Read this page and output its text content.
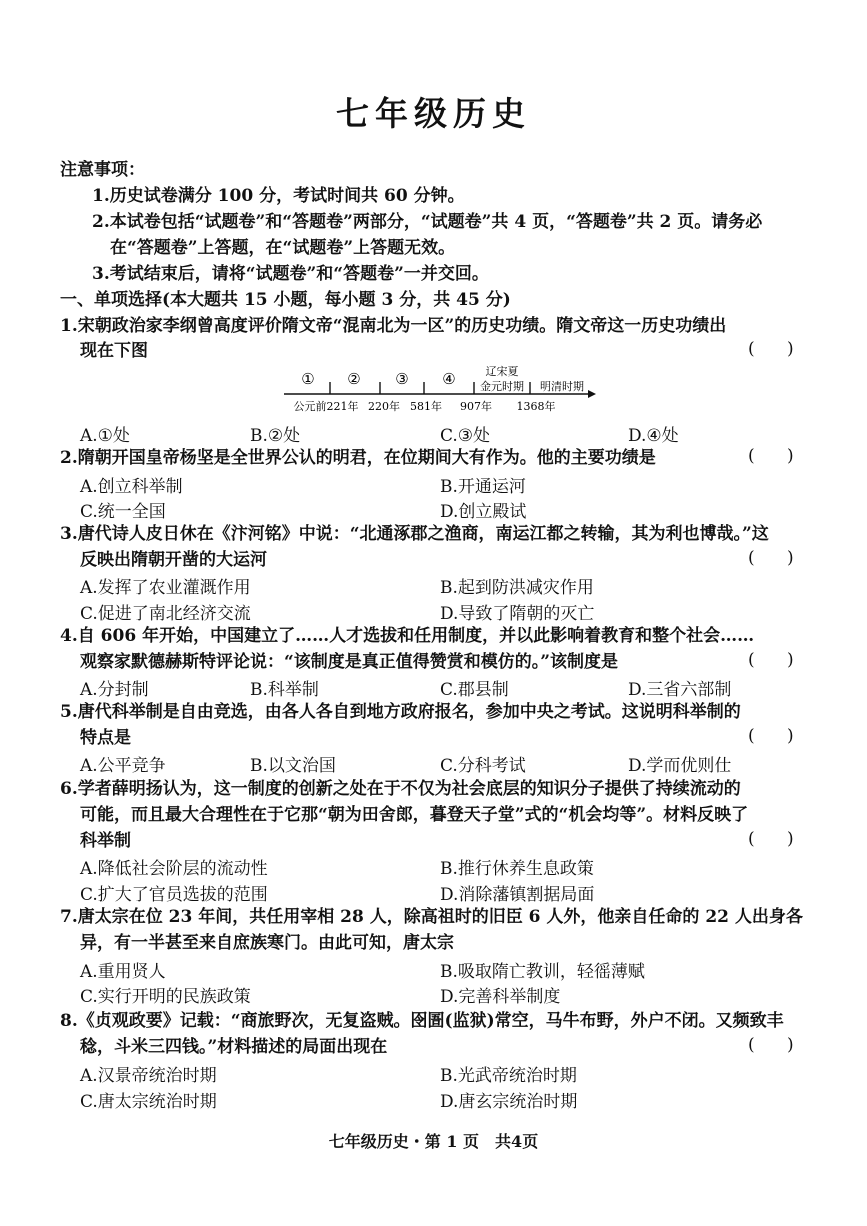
七年级历史
注意事项：
1.历史试卷满分 100 分，考试时间共 60 分钟。
2.本试卷包括“试题卷”和“答题卷”两部分，“试题卷”共 4 页，“答题卷”共 2 页。请务必
在“答题卷”上答题，在“试题卷”上答题无效。
3.考试结束后，请将“试题卷”和“答题卷”一并交回。
一、单项选择(本大题共 15 小题，每小题 3 分，共 45 分)
1.宋朝政治家李纲曾高度评价隋文帝“混南北为一区”的历史功绩。隋文帝这一历史功绩出
现在下图	(      )
① ② ③ ④	辽宋夏
金元时期 明清时期
公元前221年 220年 581年 907年 1368年
A.①处	B.②处	C.③处	D.④处
2.隋朝开国皇帝杨坚是全世界公认的明君，在位期间大有作为。他的主要功绩是	(      )
A.创立科举制	B.开通运河
C.统一全国	D.创立殿试
3.唐代诗人皮日休在《汴河铭》中说：“北通涿郡之渔商，南运江都之转输，其为利也博哉。”这
反映出隋朝开凿的大运河	(      )
A.发挥了农业灌溉作用	B.起到防洪减灾作用
C.促进了南北经济交流	D.导致了隋朝的灭亡
4.自 606 年开始，中国建立了……人才选拔和任用制度，并以此影响着教育和整个社会……
观察家默德赫斯特评论说：“该制度是真正值得赞赏和模仿的。”该制度是	(      )
A.分封制	B.科举制	C.郡县制	D.三省六部制
5.唐代科举制是自由竞选，由各人各自到地方政府报名，参加中央之考试。这说明科举制的
特点是	(      )
A.公平竞争	B.以文治国	C.分科考试	D.学而优则仕
6.学者薛明扬认为，这一制度的创新之处在于不仅为社会底层的知识分子提供了持续流动的
可能，而且最大合理性在于它那“朝为田舍郎，暮登天子堂”式的“机会均等”。材料反映了
科举制	(      )
A.降低社会阶层的流动性	B.推行休养生息政策
C.扩大了官员选拔的范围	D.消除藩镇割据局面
7.唐太宗在位 23 年间，共任用宰相 28 人，除高祖时的旧臣 6 人外，他亲自任命的 22 人出身各
异，有一半甚至来自庶族寒门。由此可知，唐太宗
A.重用贤人	B.吸取隋亡教训，轻徭薄赋
C.实行开明的民族政策	D.完善科举制度
8.《贞观政要》记载：“商旅野次，无复盗贼。囹圄(监狱)常空，马牛布野，外户不闭。又频致丰
稔，斗米三四钱。”材料描述的局面出现在	(      )
A.汉景帝统治时期	B.光武帝统治时期
C.唐太宗统治时期	D.唐玄宗统治时期
七年级历史・第 1 页　共4页
